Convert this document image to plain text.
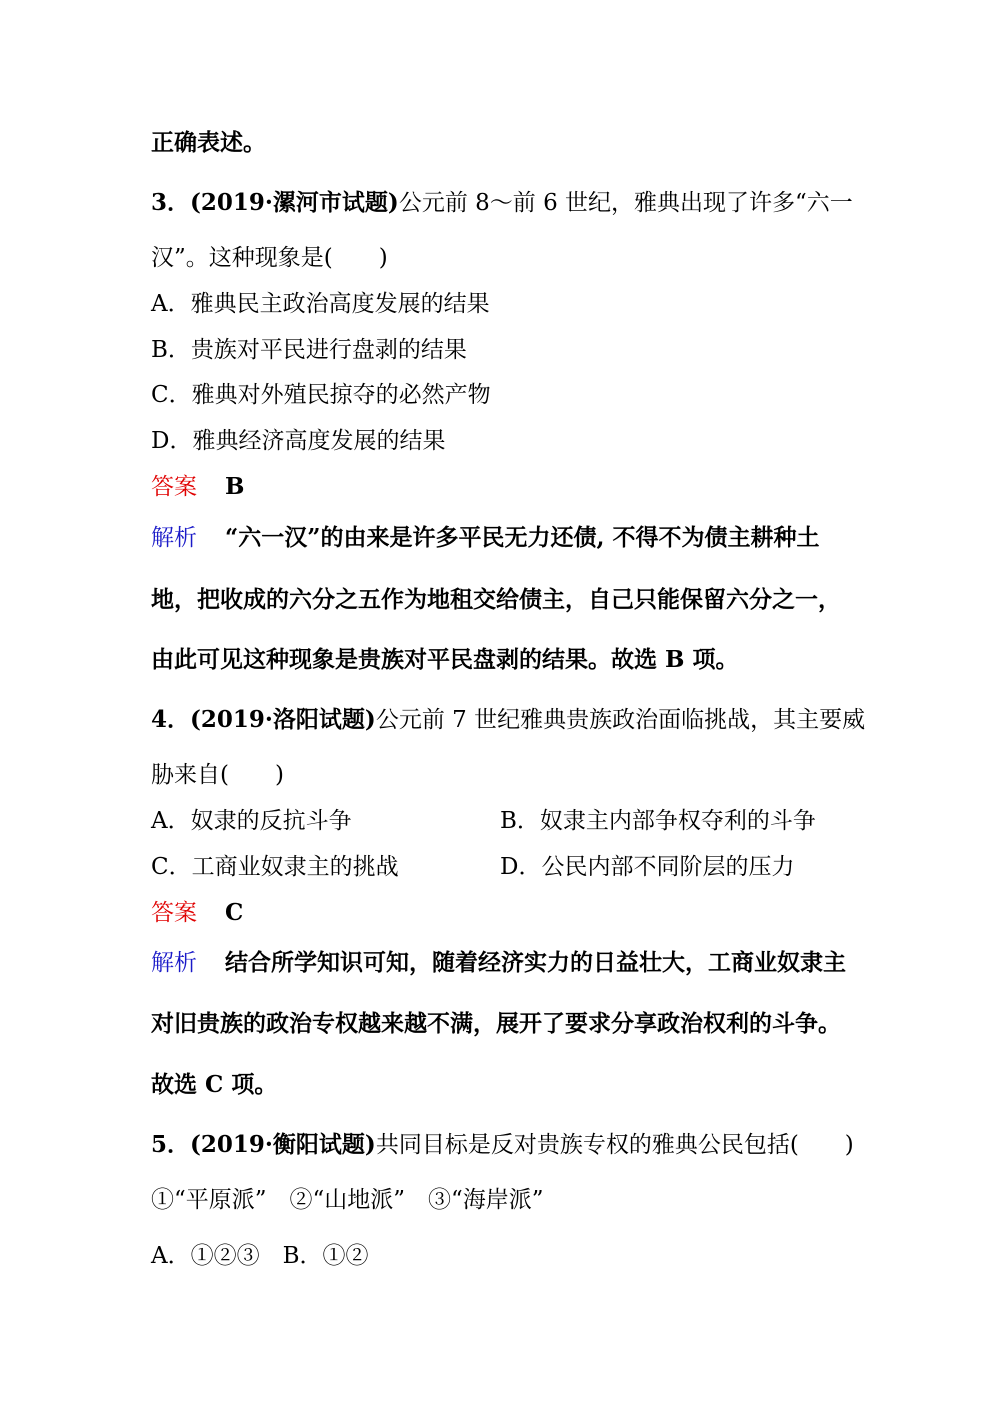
正确表述。
3．(2019·漯河市试题)公元前 8～前 6 世纪，雅典出现了许多“六一
汉”。这种现象是(　　)
A．雅典民主政治高度发展的结果
B．贵族对平民进行盘剥的结果
C．雅典对外殖民掠夺的必然产物
D．雅典经济高度发展的结果
答案 B
解析 “六一汉”的由来是许多平民无力还债, 不得不为债主耕种土
地，把收成的六分之五作为地租交给债主，自己只能保留六分之一，
由此可见这种现象是贵族对平民盘剥的结果。故选 B 项。
4．(2019·洛阳试题)公元前 7 世纪雅典贵族政治面临挑战，其主要威
胁来自(　　)
A．奴隶的反抗斗争	B．奴隶主内部争权夺利的斗争
C．工商业奴隶主的挑战	D．公民内部不同阶层的压力
答案 C
解析 结合所学知识可知，随着经济实力的日益壮大，工商业奴隶主
对旧贵族的政治专权越来越不满，展开了要求分享政治权利的斗争。
故选 C 项。
5．(2019·衡阳试题)共同目标是反对贵族专权的雅典公民包括(　　)
①“平原派”　②“山地派”　③“海岸派”
A．①②③　B．①②
